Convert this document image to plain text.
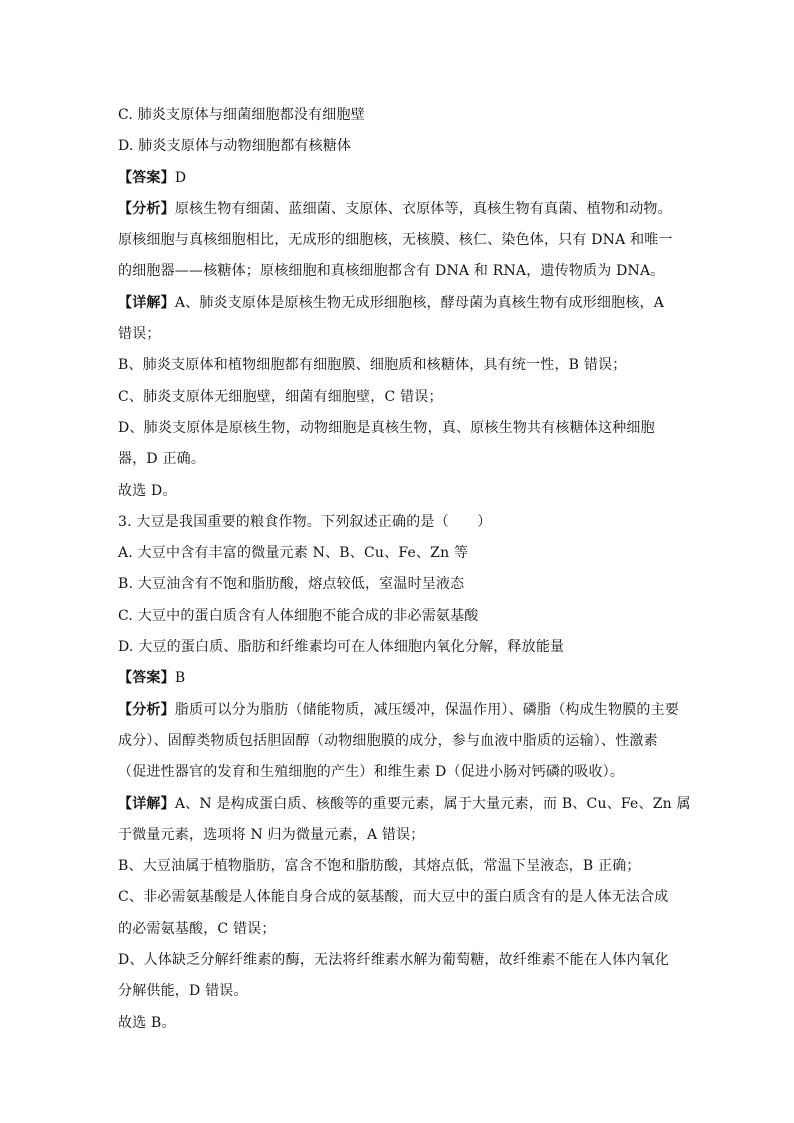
C. 肺炎支原体与细菌细胞都没有细胞壁
D. 肺炎支原体与动物细胞都有核糖体
【答案】D
【分析】原核生物有细菌、蓝细菌、支原体、衣原体等，真核生物有真菌、植物和动物。
原核细胞与真核细胞相比，无成形的细胞核，无核膜、核仁、染色体，只有 DNA 和唯一
的细胞器——核糖体；原核细胞和真核细胞都含有 DNA 和 RNA，遗传物质为 DNA。
【详解】A、肺炎支原体是原核生物无成形细胞核，酵母菌为真核生物有成形细胞核，A
错误；
B、肺炎支原体和植物细胞都有细胞膜、细胞质和核糖体，具有统一性，B 错误；
C、肺炎支原体无细胞壁，细菌有细胞壁，C 错误；
D、肺炎支原体是原核生物，动物细胞是真核生物，真、原核生物共有核糖体这种细胞
器，D 正确。
故选 D。
3. 大豆是我国重要的粮食作物。下列叙述正确的是（　　）
A. 大豆中含有丰富的微量元素 N、B、Cu、Fe、Zn 等
B. 大豆油含有不饱和脂肪酸，熔点较低，室温时呈液态
C. 大豆中的蛋白质含有人体细胞不能合成的非必需氨基酸
D. 大豆的蛋白质、脂肪和纤维素均可在人体细胞内氧化分解，释放能量
【答案】B
【分析】脂质可以分为脂肪（储能物质，减压缓冲，保温作用）、磷脂（构成生物膜的主要
成分）、固醇类物质包括胆固醇（动物细胞膜的成分，参与血液中脂质的运输）、性激素
（促进性器官的发育和生殖细胞的产生）和维生素 D（促进小肠对钙磷的吸收）。
【详解】A、N 是构成蛋白质、核酸等的重要元素，属于大量元素，而 B、Cu、Fe、Zn 属
于微量元素，选项将 N 归为微量元素，A 错误；
B、大豆油属于植物脂肪，富含不饱和脂肪酸，其熔点低，常温下呈液态，B 正确；
C、非必需氨基酸是人体能自身合成的氨基酸，而大豆中的蛋白质含有的是人体无法合成
的必需氨基酸，C 错误；
D、人体缺乏分解纤维素的酶，无法将纤维素水解为葡萄糖，故纤维素不能在人体内氧化
分解供能，D 错误。
故选 B。
